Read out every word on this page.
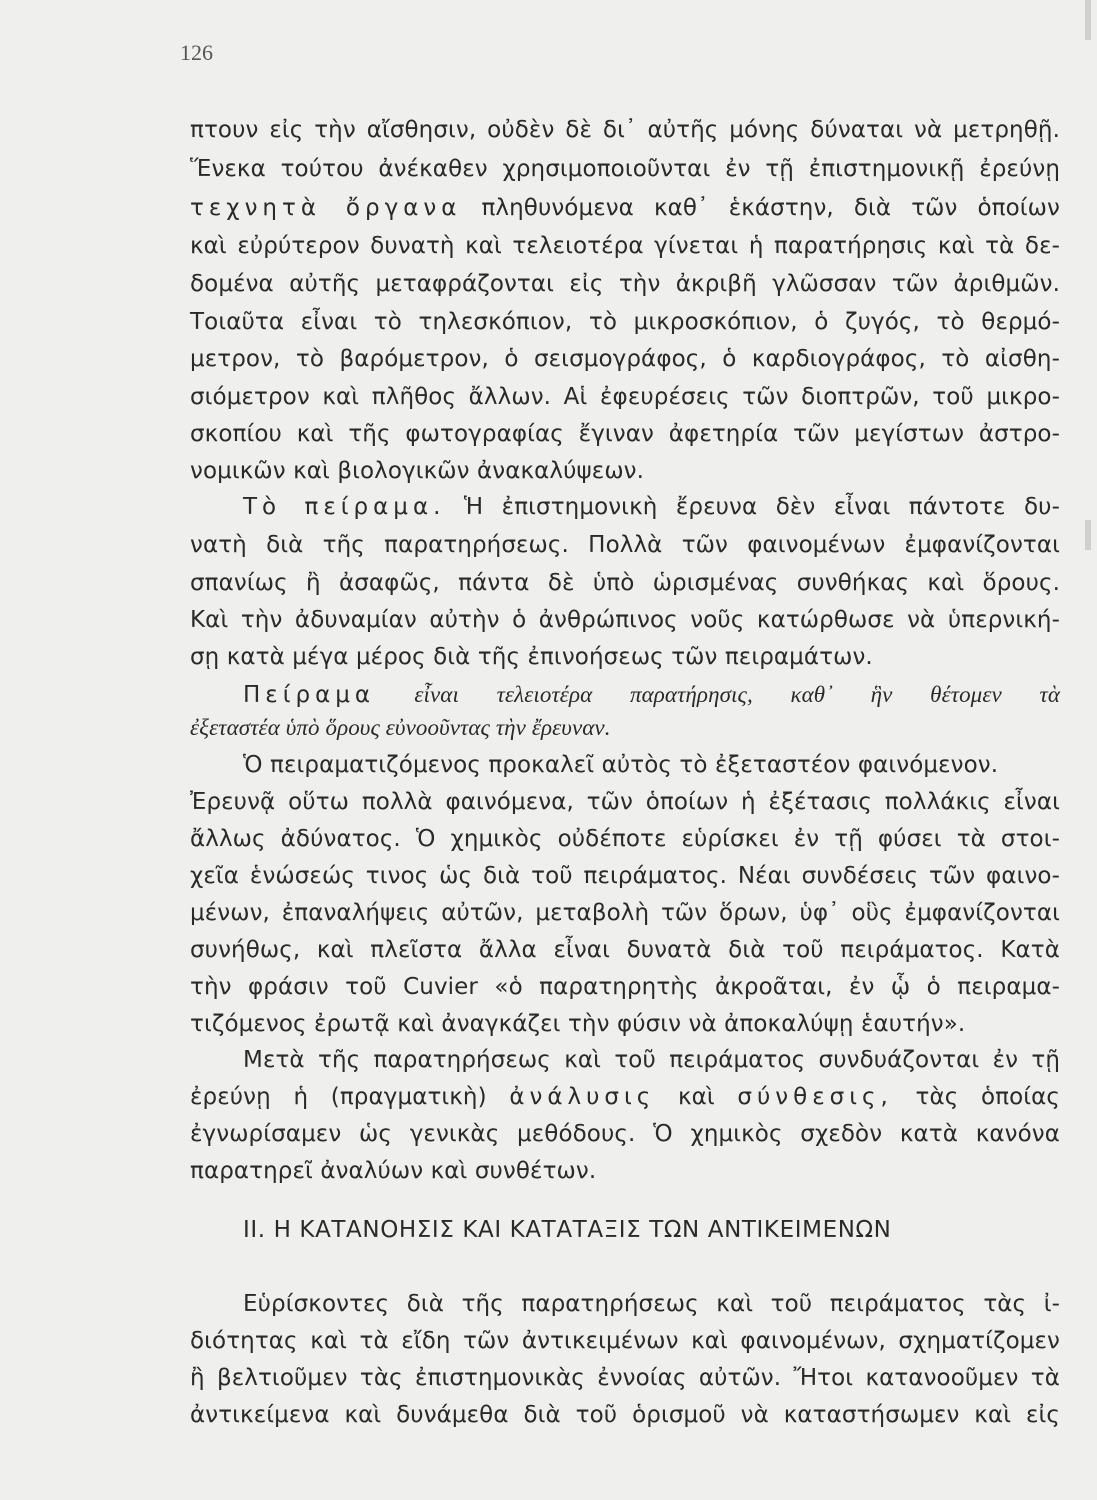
126
πτουν εἰς τὴν αἴσθησιν, οὐδὲν δὲ δι᾽ αὐτῆς μόνης δύναται νὰ μετρηθῇ.
Ἕνεκα τούτου ἀνέκαθεν χρησιμοποιοῦνται ἐν τῇ ἐπιστημονικῇ ἐρεύνῃ
τεχνητὰ ὄργανα πληθυνόμενα καθ᾽ ἑκάστην, διὰ τῶν ὁποίων
καὶ εὐρύτερον δυνατὴ καὶ τελειοτέρα γίνεται ἡ παρατήρησις καὶ τὰ δε-
δομένα αὐτῆς μεταφράζονται εἰς τὴν ἀκριβῆ γλῶσσαν τῶν ἀριθμῶν.
Τοιαῦτα εἶναι τὸ τηλεσκόπιον, τὸ μικροσκόπιον, ὁ ζυγός, τὸ θερμό-
μετρον, τὸ βαρόμετρον, ὁ σεισμογράφος, ὁ καρδιογράφος, τὸ αἰσθη-
σιόμετρον καὶ πλῆθος ἄλλων. Αἱ ἐφευρέσεις τῶν διοπτρῶν, τοῦ μικρο-
σκοπίου καὶ τῆς φωτογραφίας ἔγιναν ἀφετηρία τῶν μεγίστων ἀστρο-
νομικῶν καὶ βιολογικῶν ἀνακαλύψεων.
Τὸ πείραμα. Ἡ ἐπιστημονικὴ ἔρευνα δὲν εἶναι πάντοτε δυ-
νατὴ διὰ τῆς παρατηρήσεως. Πολλὰ τῶν φαινομένων ἐμφανίζονται
σπανίως ἢ ἀσαφῶς, πάντα δὲ ὑπὸ ὡρισμένας συνθήκας καὶ ὅρους.
Καὶ τὴν ἀδυναμίαν αὐτὴν ὁ ἀνθρώπινος νοῦς κατώρθωσε νὰ ὑπερνική-
σῃ κατὰ μέγα μέρος διὰ τῆς ἐπινοήσεως τῶν πειραμάτων.
Πείραμα εἶναι τελειοτέρα παρατήρησις, καθ᾽ ἣν θέτομεν τὰ
ἐξεταστέα ὑπὸ ὅρους εὐνοοῦντας τὴν ἔρευναν.
Ὁ πειραματιζόμενος προκαλεῖ αὐτὸς τὸ ἐξεταστέον φαινόμενον.
Ἐρευνᾷ οὕτω πολλὰ φαινόμενα, τῶν ὁποίων ἡ ἐξέτασις πολλάκις εἶναι
ἄλλως ἀδύνατος. Ὁ χημικὸς οὐδέποτε εὑρίσκει ἐν τῇ φύσει τὰ στοι-
χεῖα ἑνώσεώς τινος ὡς διὰ τοῦ πειράματος. Νέαι συνδέσεις τῶν φαινο-
μένων, ἐπαναλήψεις αὐτῶν, μεταβολὴ τῶν ὅρων, ὑφ᾽ οὓς ἐμφανίζονται
συνήθως, καὶ πλεῖστα ἄλλα εἶναι δυνατὰ διὰ τοῦ πειράματος. Κατὰ
τὴν φράσιν τοῦ Cuvier «ὁ παρατηρητὴς ἀκροᾶται, ἐν ᾧ ὁ πειραμα-
τιζόμενος ἐρωτᾷ καὶ ἀναγκάζει τὴν φύσιν νὰ ἀποκαλύψῃ ἑαυτήν».
Μετὰ τῆς παρατηρήσεως καὶ τοῦ πειράματος συνδυάζονται ἐν τῇ
ἐρεύνῃ ἡ (πραγματικὴ) ἀνάλυσις καὶ σύνθεσις, τὰς ὁποίας
ἐγνωρίσαμεν ὡς γενικὰς μεθόδους. Ὁ χημικὸς σχεδὸν κατὰ κανόνα
παρατηρεῖ ἀναλύων καὶ συνθέτων.
II. Η ΚΑΤΑΝΟΗΣΙΣ ΚΑΙ ΚΑΤΑΤΑΞΙΣ ΤΩΝ ΑΝΤΙΚΕΙΜΕΝΩΝ
Εὑρίσκοντες διὰ τῆς παρατηρήσεως καὶ τοῦ πειράματος τὰς ἰ-
διότητας καὶ τὰ εἴδη τῶν ἀντικειμένων καὶ φαινομένων, σχηματίζομεν
ἢ βελτιοῦμεν τὰς ἐπιστημονικὰς ἐννοίας αὐτῶν. Ἤτοι κατανοοῦμεν τὰ
ἀντικείμενα καὶ δυνάμεθα διὰ τοῦ ὁρισμοῦ νὰ καταστήσωμεν καὶ εἰς
